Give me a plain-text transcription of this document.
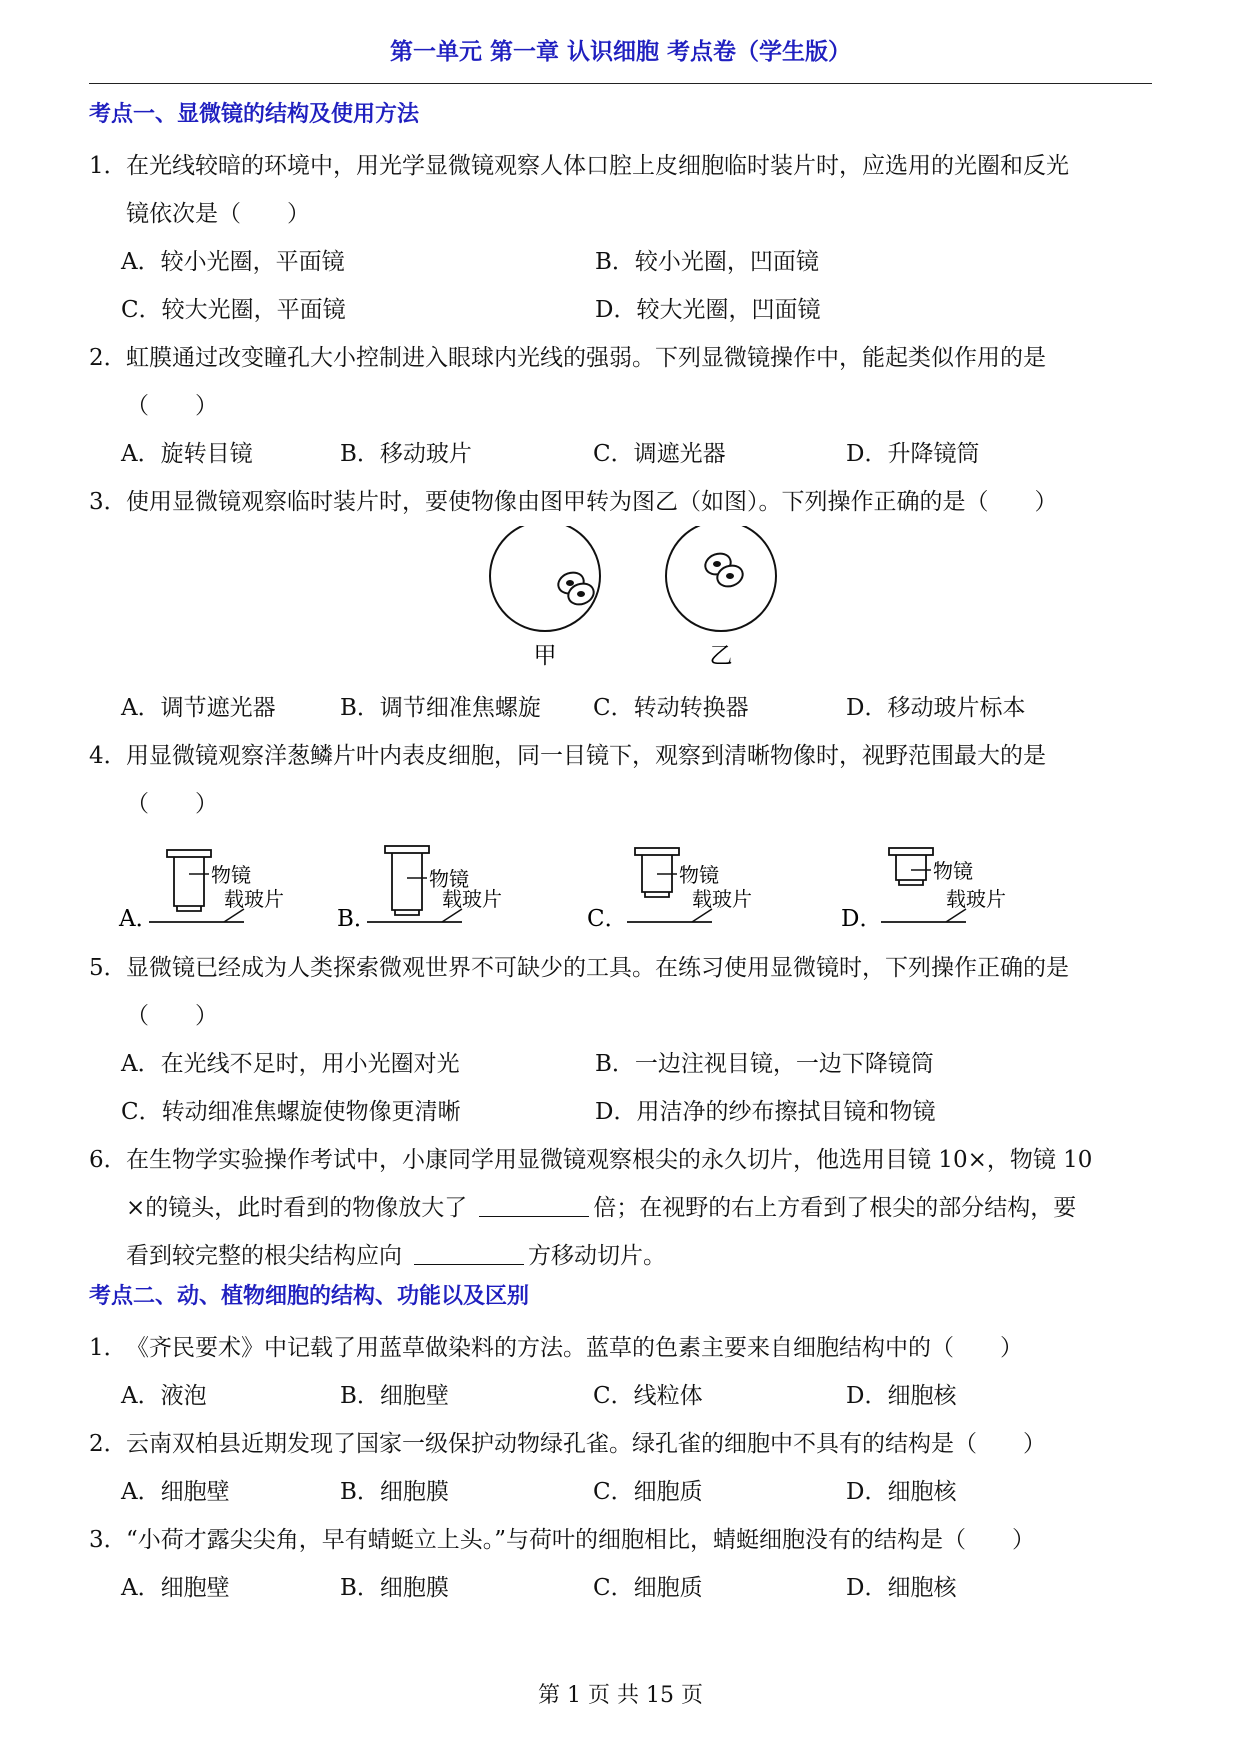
第一单元 第一章 认识细胞 考点卷（学生版）
考点一、显微镜的结构及使用方法
1．在光线较暗的环境中，用光学显微镜观察人体口腔上皮细胞临时装片时，应选用的光圈和反光
镜依次是（　　）
A．较小光圈，平面镜	B．较小光圈，凹面镜
C．较大光圈，平面镜	D．较大光圈，凹面镜
2．虹膜通过改变瞳孔大小控制进入眼球内光线的强弱。下列显微镜操作中，能起类似作用的是
（　　）
A．旋转目镜	B．移动玻片	C．调遮光器	D．升降镜筒
3．使用显微镜观察临时装片时，要使物像由图甲转为图乙（如图）。下列操作正确的是（　　）
甲	乙
A．调节遮光器	B．调节细准焦螺旋	C．转动转换器	D．移动玻片标本
4．用显微镜观察洋葱鳞片叶内表皮细胞，同一目镜下，观察到清晰物像时，视野范围最大的是
（　　）
A．
物镜
载玻片
B．
物镜
载玻片
C．
物镜
载玻片
D．
物镜
载玻片
5．显微镜已经成为人类探索微观世界不可缺少的工具。在练习使用显微镜时，下列操作正确的是
（　　）
A．在光线不足时，用小光圈对光	B．一边注视目镜，一边下降镜筒
C．转动细准焦螺旋使物像更清晰	D．用洁净的纱布擦拭目镜和物镜
6．在生物学实验操作考试中，小康同学用显微镜观察根尖的永久切片，他选用目镜 10×，物镜 10
×的镜头，此时看到的物像放大了	倍；在视野的右上方看到了根尖的部分结构，要
看到较完整的根尖结构应向	方移动切片。
考点二、动、植物细胞的结构、功能以及区别
1．《齐民要术》中记载了用蓝草做染料的方法。蓝草的色素主要来自细胞结构中的（　　）
A．液泡	B．细胞壁	C．线粒体	D．细胞核
2．云南双柏县近期发现了国家一级保护动物绿孔雀。绿孔雀的细胞中不具有的结构是（　　）
A．细胞壁	B．细胞膜	C．细胞质	D．细胞核
3．“小荷才露尖尖角，早有蜻蜓立上头。”与荷叶的细胞相比，蜻蜓细胞没有的结构是（　　）
A．细胞壁	B．细胞膜	C．细胞质	D．细胞核
第 1 页 共 15 页
